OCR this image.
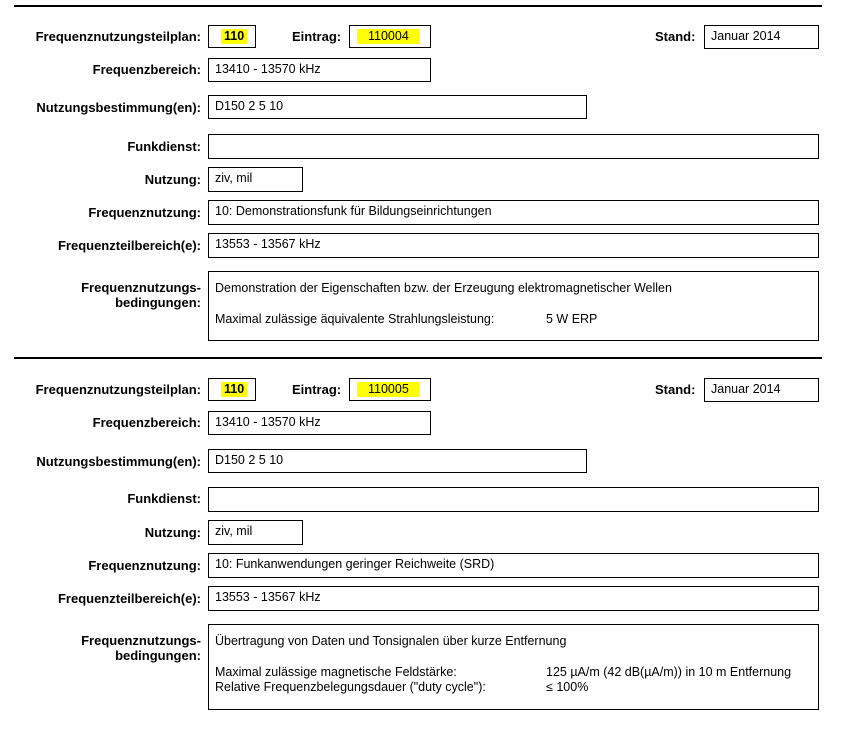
Frequenznutzungsteilplan:	110	Eintrag:	110004	Stand:	Januar 2014
Frequenzbereich:	13410 - 13570 kHz
Nutzungsbestimmung(en):	D150 2 5 10
Funkdienst:
Nutzung:	ziv, mil
Frequenznutzung:	10: Demonstrationsfunk für Bildungseinrichtungen
Frequenzteilbereich(e):	13553 - 13567 kHz
Frequenznutzungs-
bedingungen:
Demonstration der Eigenschaften bzw. der Erzeugung elektromagnetischer Wellen
Maximal zulässige äquivalente Strahlungsleistung:	5 W ERP
Frequenznutzungsteilplan:	110	Eintrag:	110005	Stand:	Januar 2014
Frequenzbereich:	13410 - 13570 kHz
Nutzungsbestimmung(en):	D150 2 5 10
Funkdienst:
Nutzung:	ziv, mil
Frequenznutzung:	10: Funkanwendungen geringer Reichweite (SRD)
Frequenzteilbereich(e):	13553 - 13567 kHz
Frequenznutzungs-
bedingungen:
Übertragung von Daten und Tonsignalen über kurze Entfernung
Maximal zulässige magnetische Feldstärke:	125 µA/m (42 dB(µA/m)) in 10 m Entfernung
Relative Frequenzbelegungsdauer ("duty cycle"):	≤ 100%
